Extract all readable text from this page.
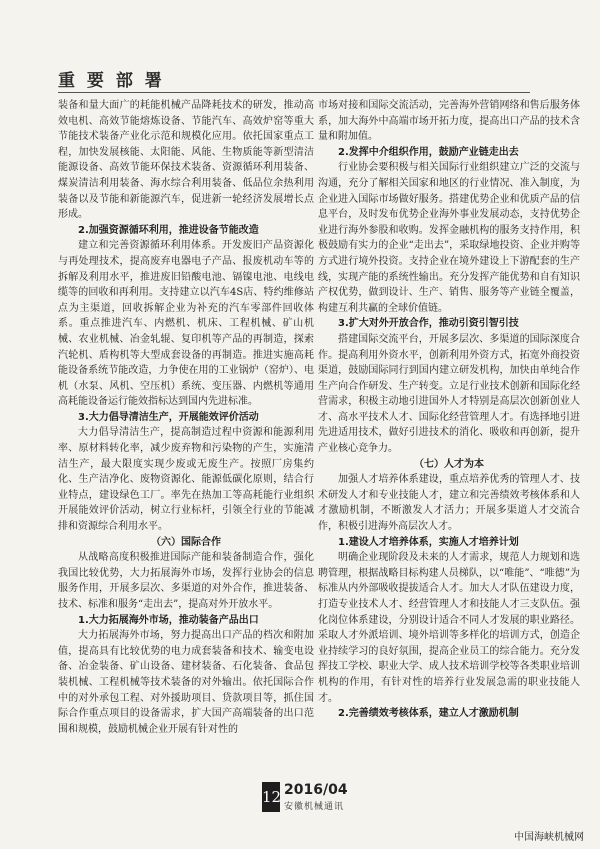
重 要 部 署

装备和量大面广的耗能机械产品降耗技术的研发，推动高效电机、高效节能熔炼设备、节能汽车、高效炉窑等重大节能技术装备产业化示范和规模化应用。依托国家重点工程，加快发展核能、太阳能、风能、生物质能等新型清洁能源设备、高效节能环保技术装备、资源循环利用装备、煤炭清洁利用装备、海水综合利用装备、低品位余热利用装备以及节能和新能源汽车，促进新一轮经济发展增长点形成。

2.加强资源循环利用，推进设备节能改造

建立和完善资源循环利用体系。开发废旧产品资源化与再处理技术，提高废弃电器电子产品、报废机动车等的拆解及利用水平，推进废旧铅酸电池、镉镍电池、电线电缆等的回收和再利用。支持建立以汽车4S店、特约维修站点为主渠道，回收拆解企业为补充的汽车零部件回收体系。重点推进汽车、内燃机、机床、工程机械、矿山机械、农业机械、冶金轧辊、复印机等产品的再制造，探索汽轮机、盾构机等大型成套设备的再制造。推进实施高耗能设备系统节能改造，力争使在用的工业锅炉（窑炉）、电机（水泵、风机、空压机）系统、变压器、内燃机等通用高耗能设备运行能效指标达到国内先进标准。

3.大力倡导清洁生产，开展能效评价活动

大力倡导清洁生产，提高制造过程中资源和能源利用率、原材料转化率，减少废弃物和污染物的产生，实施清洁生产，最大限度实现少废或无废生产。按照厂房集约化、生产洁净化、废物资源化、能源低碳化原则，结合行业特点，建设绿色工厂。率先在热加工等高耗能行业组织开展能效评价活动，树立行业标杆，引领全行业的节能减排和资源综合利用水平。

（六）国际合作

从战略高度积极推进国际产能和装备制造合作，强化我国比较优势，大力拓展海外市场，发挥行业协会的信息服务作用，开展多层次、多渠道的对外合作，推进装备、技术、标准和服务“走出去”，提高对外开放水平。

1.大力拓展海外市场，推动装备产品出口

大力拓展海外市场，努力提高出口产品的档次和附加值，提高具有比较优势的电力成套装备和技术、输变电设备、冶金装备、矿山设备、建材装备、石化装备、食品包装机械、工程机械等技术装备的对外输出。依托国际合作中的对外承包工程、对外援助项目、贷款项目等，抓住国际合作重点项目的设备需求，扩大国产高端装备的出口范围和规模，鼓励机械企业开展有针对性的

市场对接和国际交流活动，完善海外营销网络和售后服务体系，加大海外中高端市场开拓力度，提高出口产品的技术含量和附加值。

2.发挥中介组织作用，鼓励产业链走出去

行业协会要积极与相关国际行业组织建立广泛的交流与沟通，充分了解相关国家和地区的行业情况、准入制度，为企业进入国际市场做好服务。搭建优势企业和优质产品的信息平台，及时发布优势企业海外事业发展动态，支持优势企业进行海外参股和收购。发挥金融机构的服务支持作用，积极鼓励有实力的企业“走出去”，采取绿地投资、企业并购等方式进行境外投资。支持企业在境外建设上下游配套的生产线，实现产能的系统性输出。充分发挥产能优势和自有知识产权优势，做到设计、生产、销售、服务等产业链全覆盖，构建互利共赢的全球价值链。

3.扩大对外开放合作，推动引资引智引技

搭建国际交流平台，开展多层次、多渠道的国际深度合作。提高利用外资水平，创新利用外资方式，拓宽外商投资渠道，鼓励国际同行到国内建立研发机构，加快由单纯合作生产向合作研发、生产转变。立足行业技术创新和国际化经营需求，积极主动地引进国外人才特别是高层次创新创业人才、高水平技术人才、国际化经营管理人才。有选择地引进先进适用技术，做好引进技术的消化、吸收和再创新，提升产业核心竞争力。

（七）人才为本

加强人才培养体系建设，重点培养优秀的管理人才、技术研发人才和专业技能人才，建立和完善绩效考核体系和人才激励机制，不断激发人才活力；开展多渠道人才交流合作，积极引进海外高层次人才。

1.建设人才培养体系，实施人才培养计划

明确企业现阶段及未来的人才需求，规范人力规划和选聘管理，根据战略目标构建人员梯队，以“唯能”、“唯德”为标准从内外部吸收提拔适合人才。加大人才队伍建设力度，打造专业技术人才、经营管理人才和技能人才三支队伍。强化岗位体系建设，分别设计适合不同人才发展的职业路径。采取人才外派培训、境外培训等多样化的培训方式，创造企业持续学习的良好氛围，提高企业员工的综合能力。充分发挥技工学校、职业大学、成人技术培训学校等各类职业培训机构的作用，有针对性的培养行业发展急需的职业技能人才。

2.完善绩效考核体系，建立人才激励机制
12 2016/04
安徽机械通讯
中国海峡机械网
